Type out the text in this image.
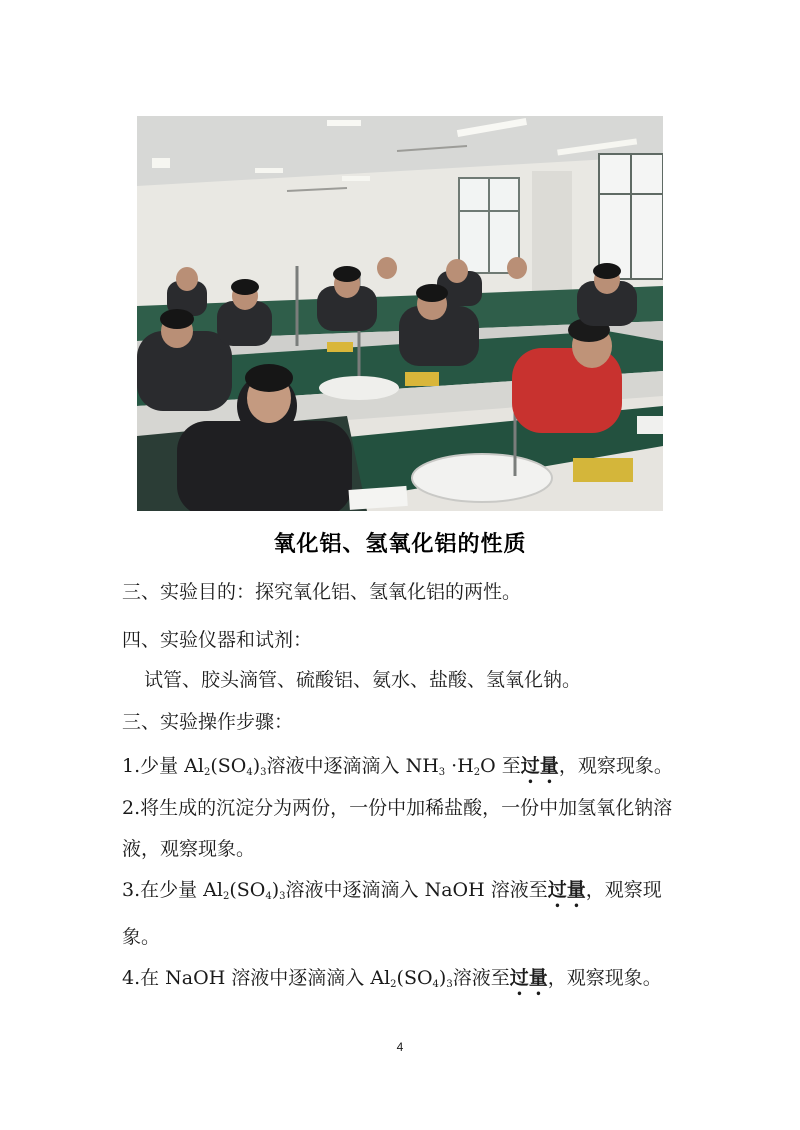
氧化铝、氢氧化铝的性质
三、实验目的：探究氧化铝、氢氧化铝的两性。
四、实验仪器和试剂：
试管、胶头滴管、硫酸铝、氨水、盐酸、氢氧化钠。
三、实验操作步骤：
1.少量 $Al_2(SO_4)_3$溶液中逐滴滴入 $NH_3 \cdot H_2O$ 至过量，观察现象。
2.将生成的沉淀分为两份，一份中加稀盐酸，一份中加氢氧化钠溶液，观察现象。
3.在少量 $Al_2(SO_4)_3$溶液中逐滴滴入 NaOH 溶液至过量，观察现象。
4.在 NaOH 溶液中逐滴滴入 $Al_2(SO_4)_3$溶液至过量，观察现象。
4
